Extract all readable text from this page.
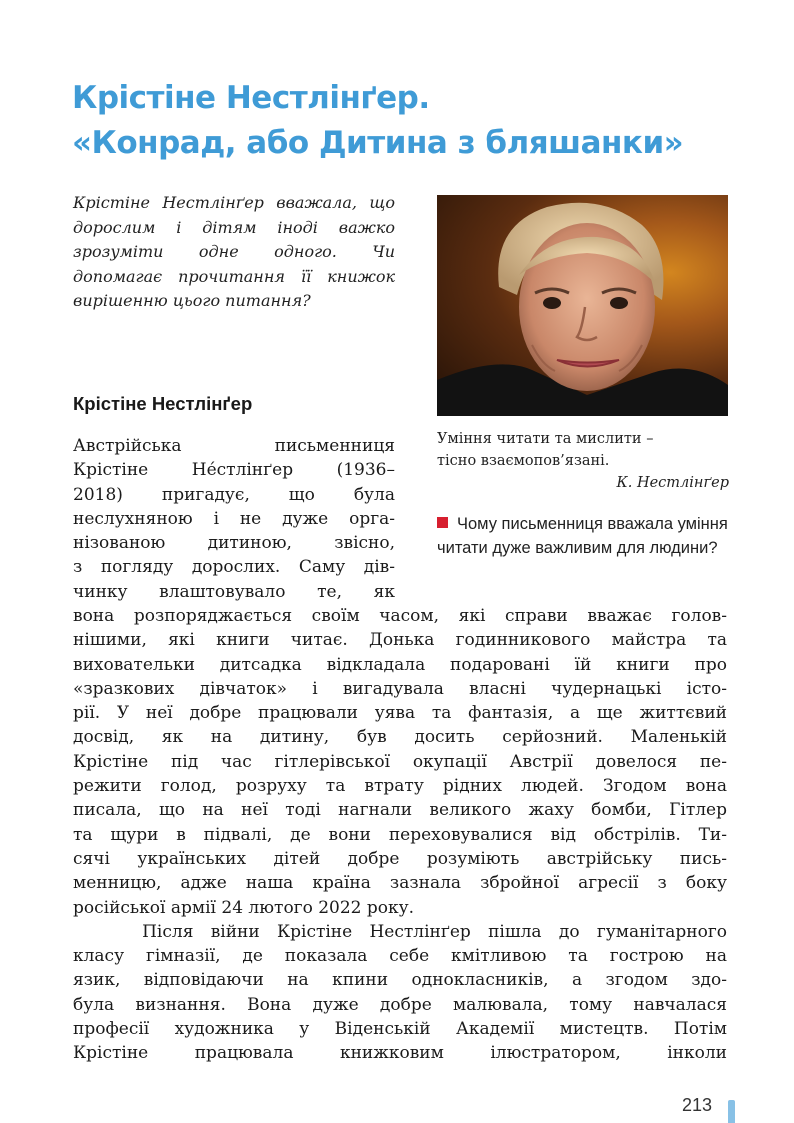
Крістіне Нестлінґер.
«Конрад, або Дитина з бляшанки»
Крістіне Нестлінґер вважала, що дорослим і дітям іноді важко зрозуміти одне одного. Чи допомагає прочитання її книжок вирішенню цього питання?
Уміння читати та мислити –
тісно взаємопов’язані.
К. Нестлінґер
Чому письменниця вважала уміння читати дуже важливим для людини?
Крістіне Нестлінґер
Австрійська письменниця
Крістіне Не́стлінґер (1936–
2018) пригадує, що була
неслухняною і не дуже орга-
нізованою дитиною, звісно,
з погляду дорослих. Саму дів-
чинку влаштовувало те, як
вона розпоряджається своїм часом, які справи вважає голов-
нішими, які книги читає. Донька годинникового майстра та
виховательки дитсадка відкладала подаровані їй книги про
«зразкових дівчаток» і вигадувала власні чудернацькі істо-
рії. У неї добре працювали уява та фантазія, а ще життєвий
досвід, як на дитину, був досить серйозний. Маленькій
Крістіне під час гітлерівської окупації Австрії довелося пе-
режити голод, розруху та втрату рідних людей. Згодом вона
писала, що на неї тоді нагнали великого жаху бомби, Гітлер
та щури в підвалі, де вони переховувалися від обстрілів. Ти-
сячі українських дітей добре розуміють австрійську пись-
менницю, адже наша країна зазнала збройної агресії з боку
російської армії 24 лютого 2022 року.
Після війни Крістіне Нестлінґер пішла до гуманітарного
класу гімназії, де показала себе кмітливою та гострою на
язик, відповідаючи на кпини однокласників, а згодом здо-
була визнання. Вона дуже добре малювала, тому навчалася
професії художника у Віденській Академії мистецтв. Потім
Крістіне працювала книжковим ілюстратором, інколи
213
